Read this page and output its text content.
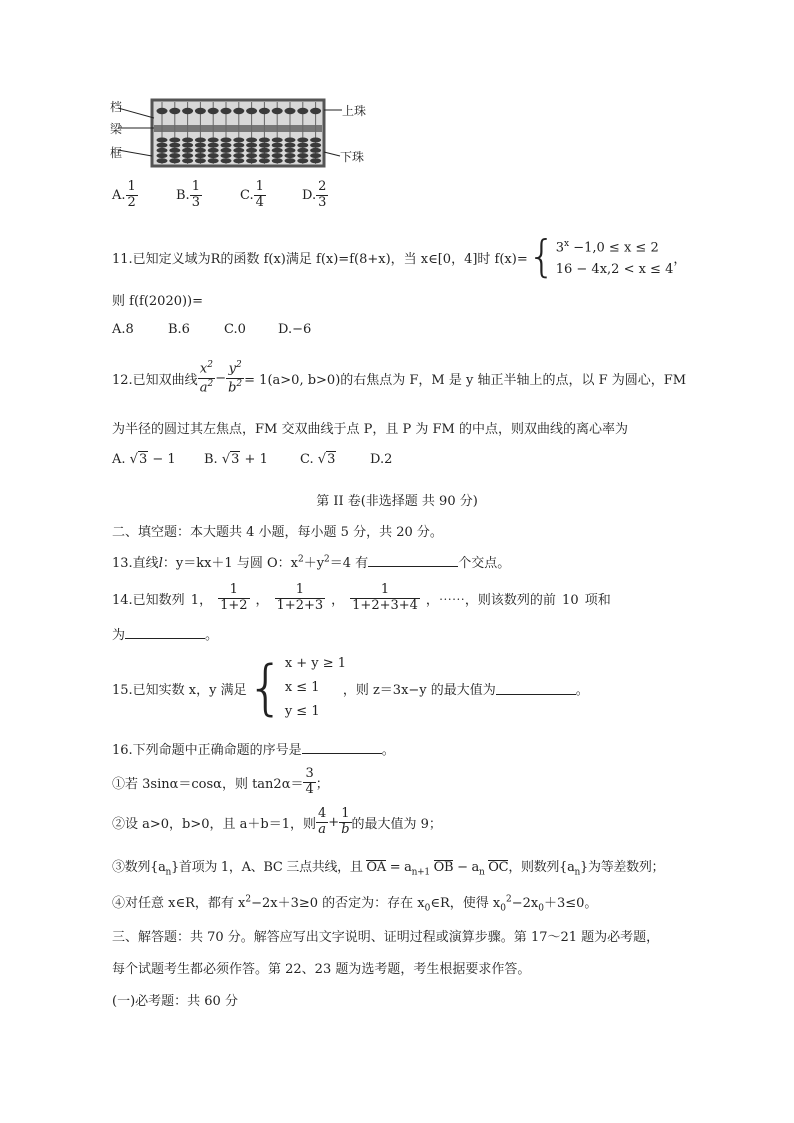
档
梁
框
上珠
下珠
A. $\frac{1}{2}$	B. $\frac{1}{3}$	C. $\frac{1}{4}$	D. $\frac{2}{3}$
11.已知定义域为R的函数 f(x)满足 f(x)=f(8+x)，当 x∈[0，4]时 f(x)= { $3^x -1,0 \le x \le 2$
16 − 4x,2 < x ≤ 4
，
则 f(f(2020))=
A.8	B.6	C.0 D.−6
12.已知双曲线 $\frac{x^2}{a^2} - \frac{y^2}{b^2} = 1(a>0$, b>0)的右焦点为 F，M 是 y 轴正半轴上的点，以 F 为圆心，FM
为半径的圆过其左焦点，FM 交双曲线于点 P，且 P 为 FM 的中点，则双曲线的离心率为
A. √3 − 1 B. √3 + 1 C. √3	D.2
第 II 卷(非选择题 共 90 分)
二、填空题：本大题共 4 小题，每小题 5 分，共 20 分。
13.直线l：y＝kx＋1 与圆 O：$x^2+y^2=4$ 有	个交点。
14.已知数列 1， $\frac{1}{1+2}$ ， $\frac{1}{1+2+3}$ ， $\frac{1}{1+2+3+4}$ ，⋯⋯，则该数列的前 10 项和
为	。
15.已知实数 x，y 满足 { x + y ≥ 1
x ≤ 1
y ≤ 1
，则 z＝3x−y 的最大值为	。
16.下列命题中正确命题的序号是	。
①若 3sinα＝cosα，则 $\tan 2\alpha= \frac{3}{4}$ ；
②设 a>0，b>0，且 a＋b＝1，则 $\frac{4}{a} + \frac{1}{b}$ 的最大值为 9；
③数列$\{a_n\}$首项为 1，A、BC 三点共线，且 OA = $a_{n+1}$ OB − $a_n$ OC，则数列$\{a_n\}$为等差数列；
④对任意 x∈R，都有 $x^2-2x+3\ge 0$ 的否定为：存在 $x_0\in R$，使得 $x_0^2-2x_0+3\le 0$。
三、解答题：共 70 分。解答应写出文字说明、证明过程或演算步骤。第 17～21 题为必考题，
每个试题考生都必须作答。第 22、23 题为选考题，考生根据要求作答。
(一)必考题：共 60 分
